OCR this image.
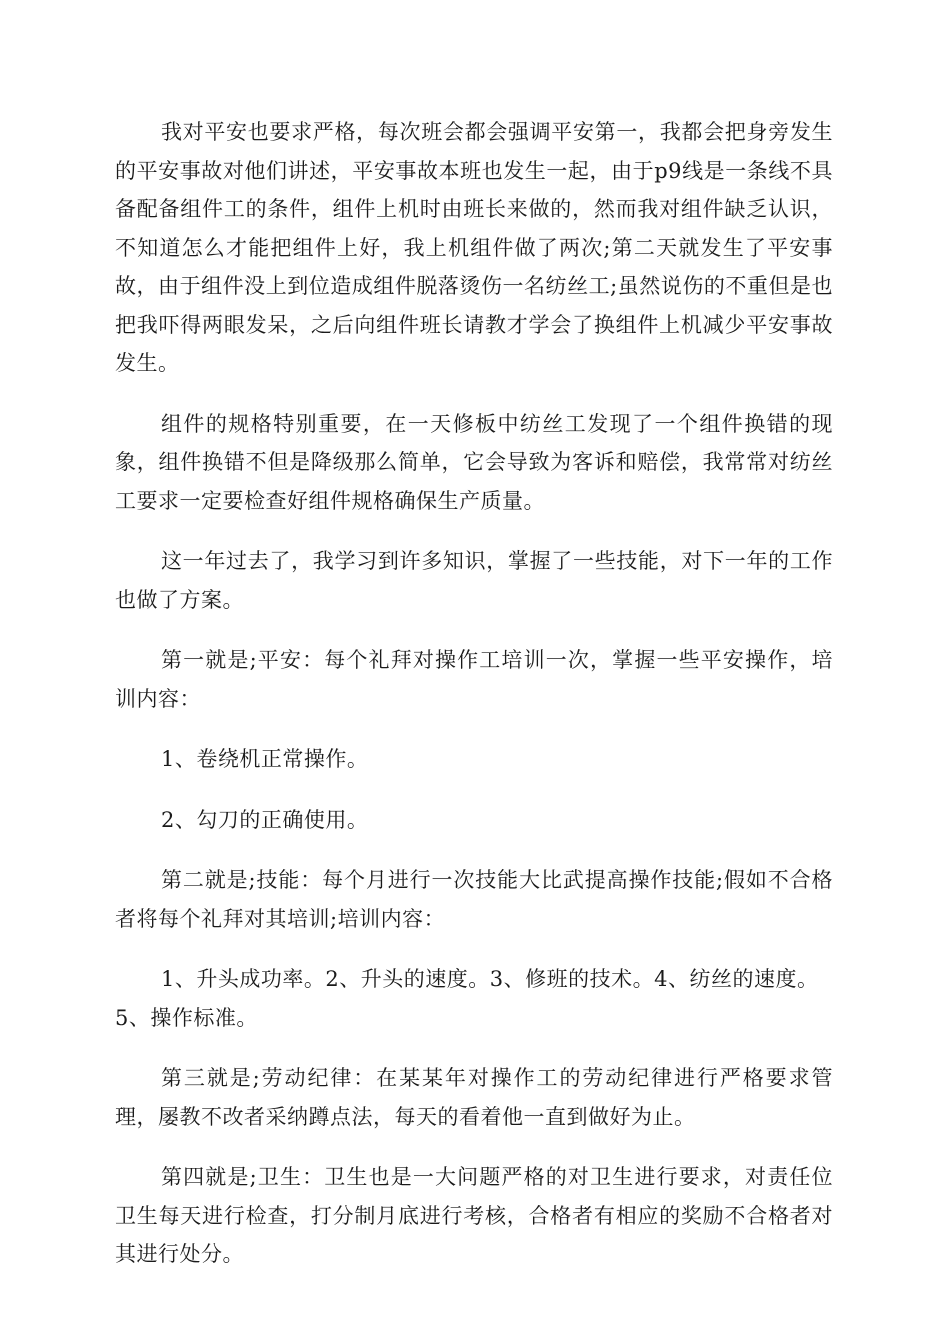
我对平安也要求严格，每次班会都会强调平安第一，我都会把身旁发生的平安事故对他们讲述，平安事故本班也发生一起，由于p9线是一条线不具备配备组件工的条件，组件上机时由班长来做的，然而我对组件缺乏认识，不知道怎么才能把组件上好，我上机组件做了两次;第二天就发生了平安事故，由于组件没上到位造成组件脱落烫伤一名纺丝工;虽然说伤的不重但是也把我吓得两眼发呆，之后向组件班长请教才学会了换组件上机减少平安事故发生。

组件的规格特别重要，在一天修板中纺丝工发现了一个组件换错的现象，组件换错不但是降级那么简单，它会导致为客诉和赔偿，我常常对纺丝工要求一定要检查好组件规格确保生产质量。

这一年过去了，我学习到许多知识，掌握了一些技能，对下一年的工作也做了方案。

第一就是;平安：每个礼拜对操作工培训一次，掌握一些平安操作，培训内容：

1、卷绕机正常操作。

2、勾刀的正确使用。

第二就是;技能：每个月进行一次技能大比武提高操作技能;假如不合格者将每个礼拜对其培训;培训内容：

1、升头成功率。2、升头的速度。3、修班的技术。4、纺丝的速度。5、操作标准。

第三就是;劳动纪律：在某某年对操作工的劳动纪律进行严格要求管理，屡教不改者采纳蹲点法，每天的看着他一直到做好为止。

第四就是;卫生：卫生也是一大问题严格的对卫生进行要求，对责任位卫生每天进行检查，打分制月底进行考核，合格者有相应的奖励不合格者对其进行处分。
